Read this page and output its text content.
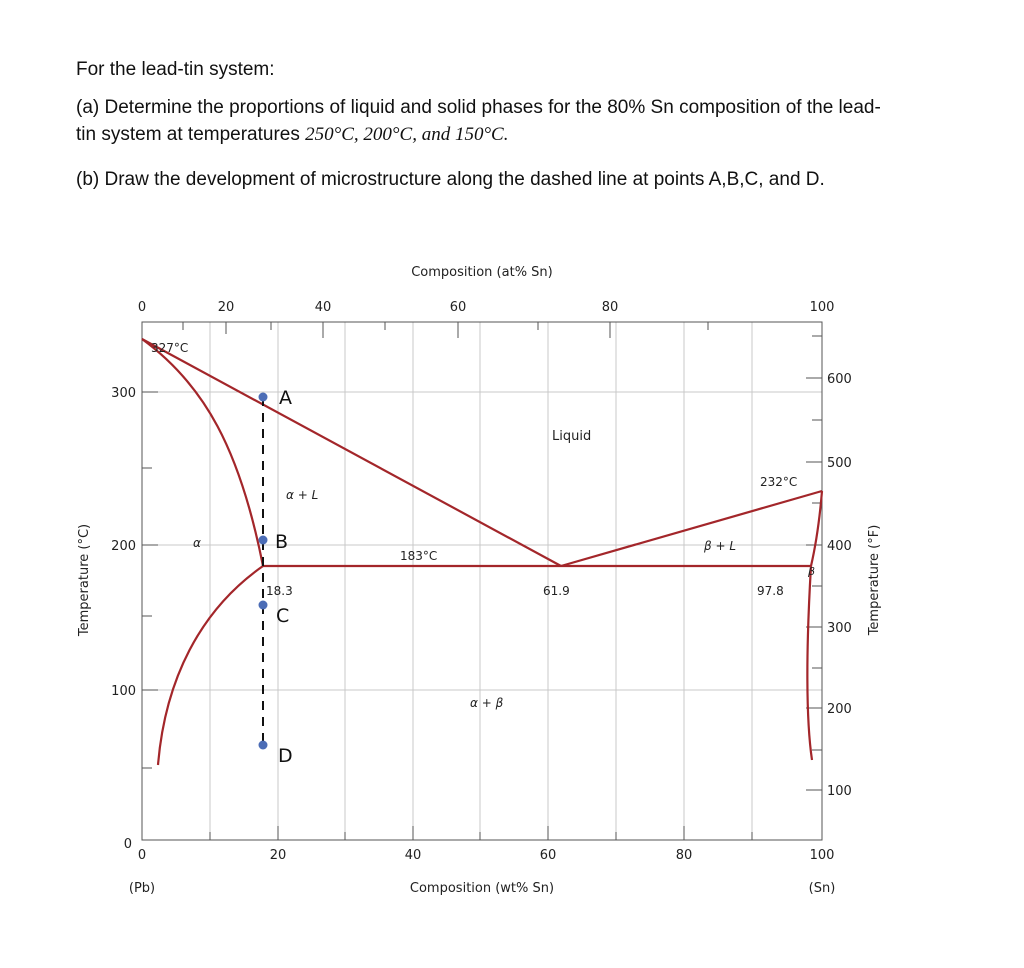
For the lead-tin system:
(a) Determine the proportions of liquid and solid phases for the 80% Sn composition of the lead-tin system at temperatures 250°C, 200°C, and 150°C.
(b) Draw the development of microstructure along the dashed line at points A,B,C, and D.
A
B
C
D
Liquid
α + L
β + L
α + β
α
β
327°C
232°C
183°C
18.3	61.9	97.8
0	20	40	60	80	100
0	20	40	60	80	100
0
100
200
300
100
200
300
400
500
600
Composition (at% Sn)
Composition (wt% Sn)
(Pb)	(Sn)
Temperature (°C)	Temperature (°F)
